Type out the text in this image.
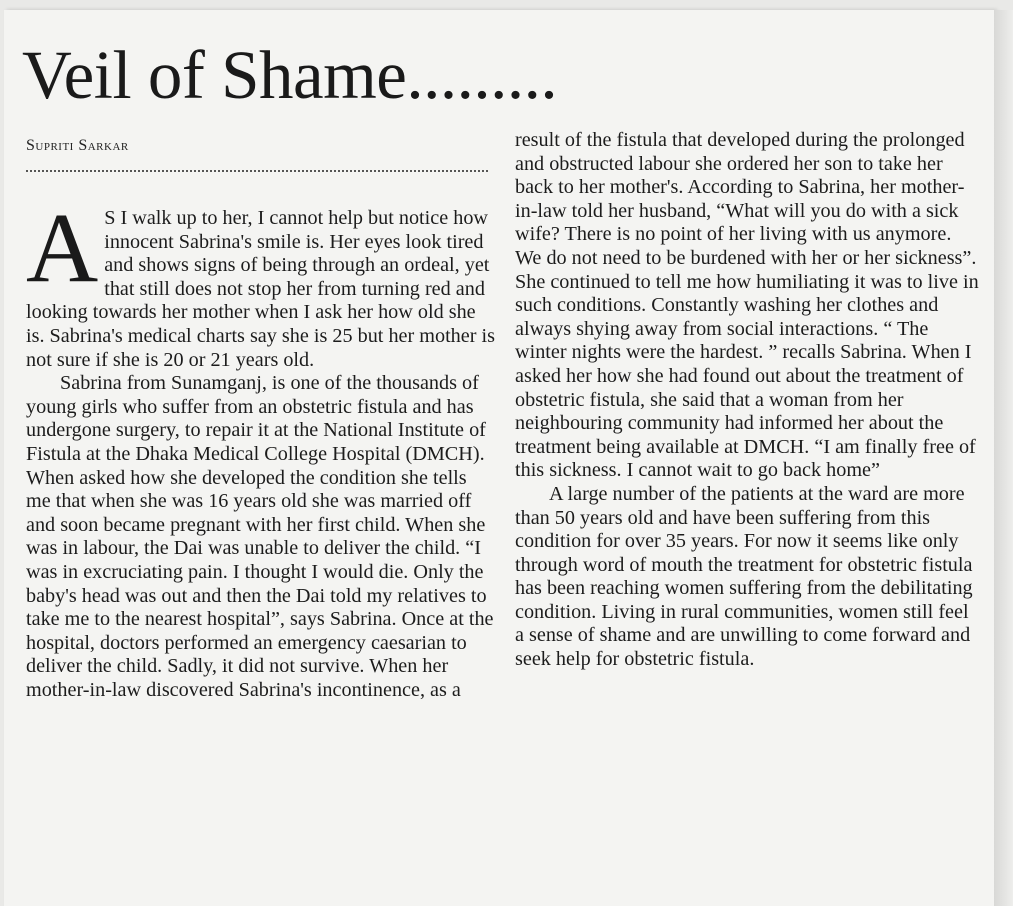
Veil of Shame.........
Supriti Sarkar

A S I walk up to her, I cannot help but notice how innocent Sabrina's smile is. Her eyes look tired and shows signs of being through an ordeal, yet that still does not stop her from turning red and looking towards her mother when I ask her how old she is. Sabrina's medical charts say she is 25 but her mother is not sure if she is 20 or 21 years old.

Sabrina from Sunamganj, is one of the thousands of young girls who suffer from an obstetric fistula and has undergone surgery, to repair it at the National Institute of Fistula at the Dhaka Medical College Hospital (DMCH). When asked how she developed the condition she tells me that when she was 16 years old she was married off and soon became pregnant with her first child. When she was in labour, the Dai was unable to deliver the child. “I was in excruciating pain. I thought I would die. Only the baby's head was out and then the Dai told my relatives to take me to the nearest hospital”, says Sabrina. Once at the hospital, doctors performed an emergency caesarian to deliver the child. Sadly, it did not survive. When her mother-in-law discovered Sabrina's incontinence, as a

result of the fistula that developed during the prolonged and obstructed labour she ordered her son to take her back to her mother's. According to Sabrina, her mother-in-law told her husband, “What will you do with a sick wife? There is no point of her living with us anymore. We do not need to be burdened with her or her sickness”. She continued to tell me how humiliating it was to live in such conditions. Constantly washing her clothes and always shying away from social interactions. “ The winter nights were the hardest. ” recalls Sabrina. When I asked her how she had found out about the treatment of obstetric fistula, she said that a woman from her neighbouring community had informed her about the treatment being available at DMCH. “I am finally free of this sickness. I cannot wait to go back home”

A large number of the patients at the ward are more than 50 years old and have been suffering from this condition for over 35 years. For now it seems like only through word of mouth the treatment for obstetric fistula has been reaching women suffering from the debilitating condition. Living in rural communities, women still feel a sense of shame and are unwilling to come forward and seek help for obstetric fistula.
